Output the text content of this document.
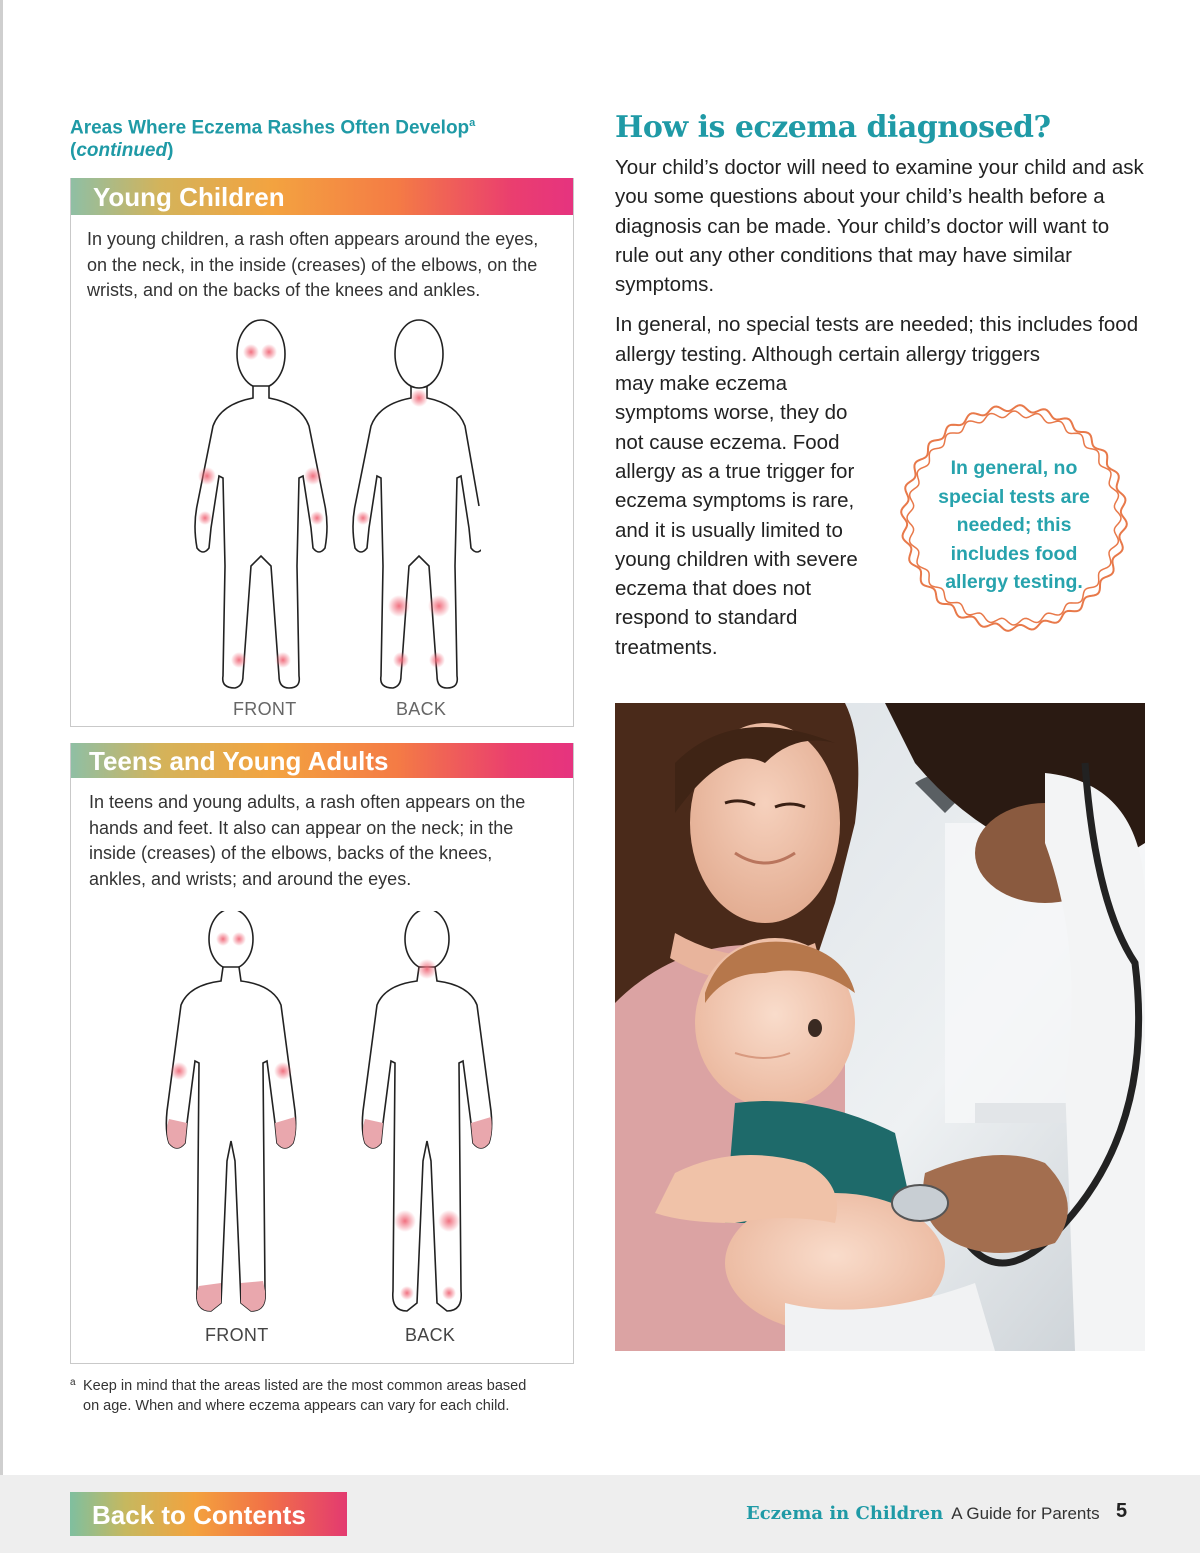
Areas Where Eczema Rashes Often Develop$^a$
(continued)

Young Children

In young children, a rash often appears around the eyes, on the neck, in the inside (creases) of the elbows, on the wrists, and on the backs of the knees and ankles.

FRONT	BACK
Teens and Young Adults

In teens and young adults, a rash often appears on the hands and feet. It also can appear on the neck; in the inside (creases) of the elbows, backs of the knees, ankles, and wrists; and around the eyes.

FRONT	BACK
a Keep in mind that the areas listed are the most common areas based on age. When and where eczema appears can vary for each child.
How is eczema diagnosed?

Your child’s doctor will need to examine your child and ask you some questions about your child’s health before a diagnosis can be made. Your child’s doctor will want to rule out any other conditions that may have similar symptoms.

In general, no special tests are needed; this includes food allergy testing. Although certain allergy triggers
may make eczema symptoms worse, they do not cause eczema. Food allergy as a true trigger for eczema symptoms is rare, and it is usually limited to young children with severe eczema that does not respond to standard treatments.

In general, no special tests are needed; this includes food allergy testing.
Back to Contents	Eczema in Children A Guide for Parents 5
